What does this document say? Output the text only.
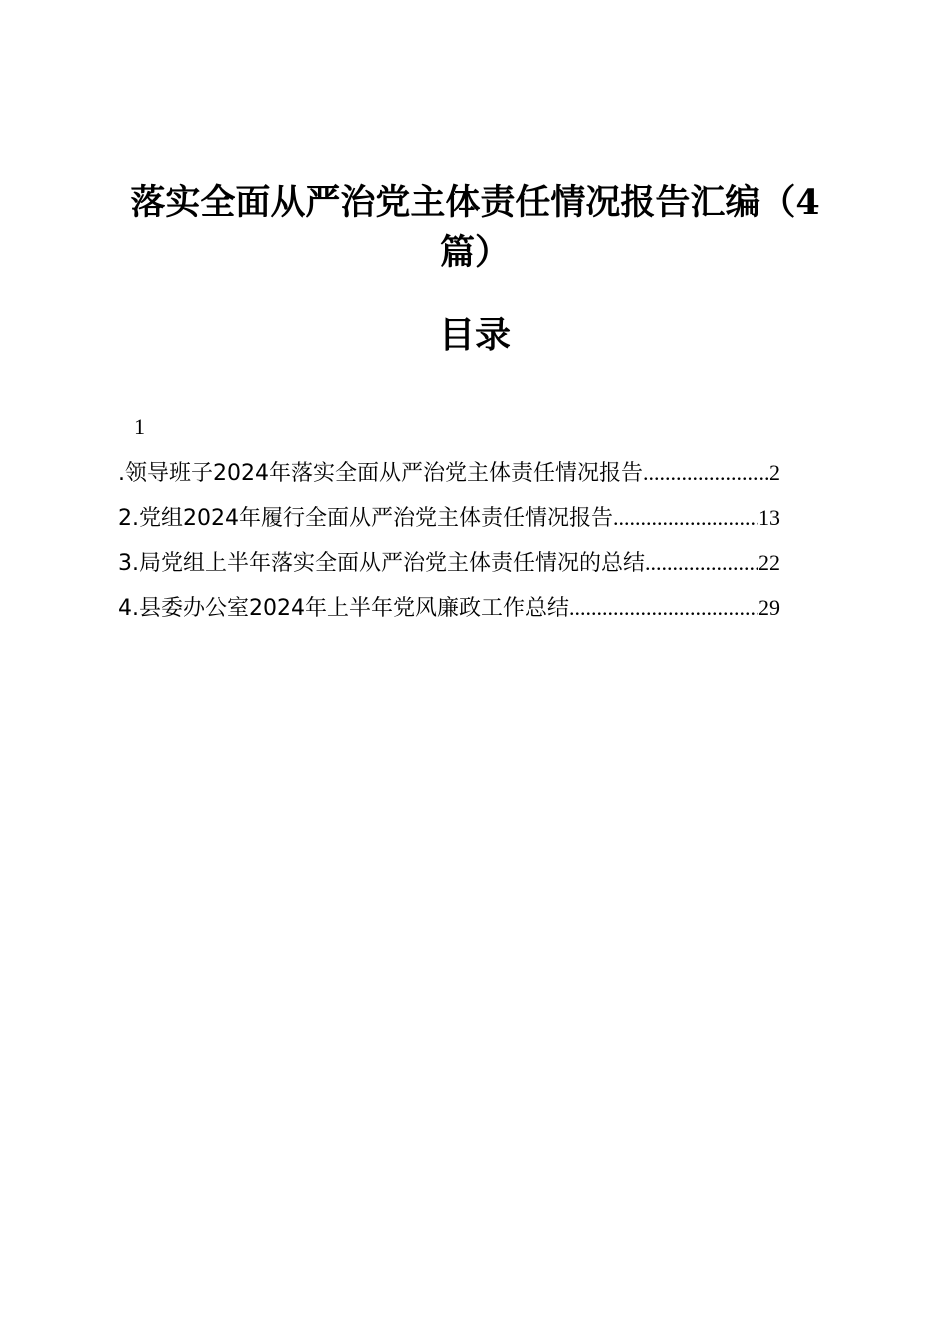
落实全面从严治党主体责任情况报告汇编（4篇）
目录
1
.领导班子2024年落实全面从严治党主体责任情况报告 .....	2
2.党组2024年履行全面从严治党主体责任情况报告 .....	13
3.局党组上半年落实全面从严治党主体责任情况的总结 .....	22
4.县委办公室2024年上半年党风廉政工作总结 .....	29
